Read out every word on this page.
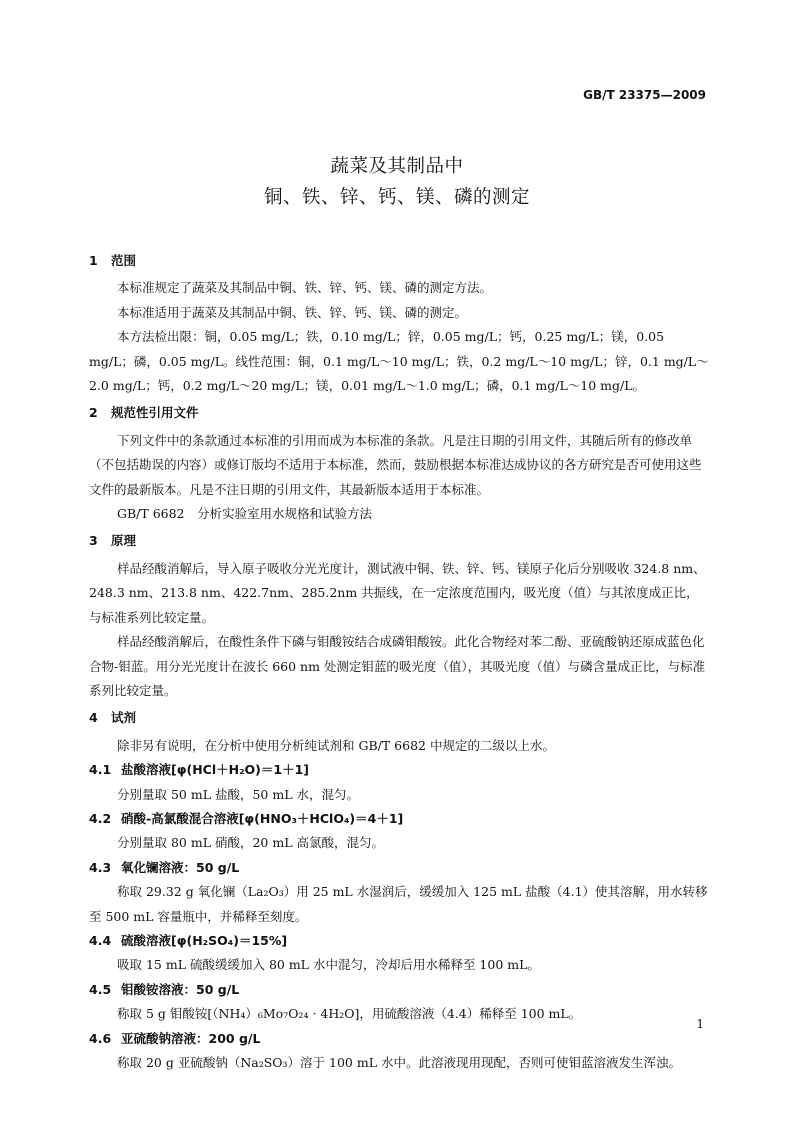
GB/T 23375—2009
蔬菜及其制品中
铜、铁、锌、钙、镁、磷的测定

1 范围

本标准规定了蔬菜及其制品中铜、铁、锌、钙、镁、磷的测定方法。

本标准适用于蔬菜及其制品中铜、铁、锌、钙、镁、磷的测定。

本方法检出限：铜，0.05 mg/L；铁，0.10 mg/L；锌，0.05 mg/L；钙，0.25 mg/L；镁，0.05 mg/L；磷，0.05 mg/L。线性范围：铜，0.1 mg/L～10 mg/L；铁，0.2 mg/L～10 mg/L；锌，0.1 mg/L～2.0 mg/L；钙，0.2 mg/L～20 mg/L；镁，0.01 mg/L～1.0 mg/L；磷，0.1 mg/L～10 mg/L。

2 规范性引用文件

下列文件中的条款通过本标准的引用而成为本标准的条款。凡是注日期的引用文件，其随后所有的修改单（不包括勘误的内容）或修订版均不适用于本标准，然而，鼓励根据本标准达成协议的各方研究是否可使用这些文件的最新版本。凡是不注日期的引用文件，其最新版本适用于本标准。

GB/T 6682　分析实验室用水规格和试验方法

3 原理

样品经酸消解后，导入原子吸收分光光度计，测试液中铜、铁、锌、钙、镁原子化后分别吸收 324.8 nm、248.3 nm、213.8 nm、422.7nm、285.2nm 共振线，在一定浓度范围内，吸光度（值）与其浓度成正比，与标准系列比较定量。

样品经酸消解后，在酸性条件下磷与钼酸铵结合成磷钼酸铵。此化合物经对苯二酚、亚硫酸钠还原成蓝色化合物-钼蓝。用分光光度计在波长 660 nm 处测定钼蓝的吸光度（值），其吸光度（值）与磷含量成正比，与标准系列比较定量。

4 试剂

除非另有说明，在分析中使用分析纯试剂和 GB/T 6682 中规定的二级以上水。

4.1 盐酸溶液[φ(HCl＋H₂O)＝1＋1]

分别量取 50 mL 盐酸，50 mL 水，混匀。

4.2 硝酸-高氯酸混合溶液[φ(HNO₃＋HClO₄)＝4＋1]

分别量取 80 mL 硝酸，20 mL 高氯酸，混匀。

4.3 氧化镧溶液：50 g/L

称取 29.32 g 氧化镧（La₂O₃）用 25 mL 水湿润后，缓缓加入 125 mL 盐酸（4.1）使其溶解，用水转移至 500 mL 容量瓶中，并稀释至刻度。

4.4 硫酸溶液[φ(H₂SO₄)＝15%]

吸取 15 mL 硫酸缓缓加入 80 mL 水中混匀，冷却后用水稀释至 100 mL。

4.5 钼酸铵溶液：50 g/L

称取 5 g 钼酸铵[（NH₄）₆Mo₇O₂₄ · 4H₂O]，用硫酸溶液（4.4）稀释至 100 mL。

4.6 亚硫酸钠溶液：200 g/L

称取 20 g 亚硫酸钠（Na₂SO₃）溶于 100 mL 水中。此溶液现用现配，否则可使钼蓝溶液发生浑浊。

1
